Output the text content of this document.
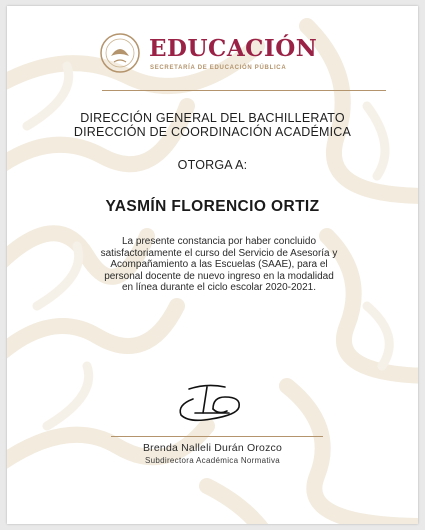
EDUCACIÓN
SECRETARÍA DE EDUCACIÓN PÚBLICA
DIRECCIÓN GENERAL DEL BACHILLERATO
DIRECCIÓN DE COORDINACIÓN ACADÉMICA
OTORGA A:
YASMÍN FLORENCIO ORTIZ
La presente constancia por haber concluido
satisfactoriamente el curso del Servicio de Asesoría y
Acompañamiento a las Escuelas (SAAE), para el
personal docente de nuevo ingreso en la modalidad
en línea durante el ciclo escolar 2020-2021.
Brenda Nalleli Durán Orozco
Subdirectora Académica Normativa
